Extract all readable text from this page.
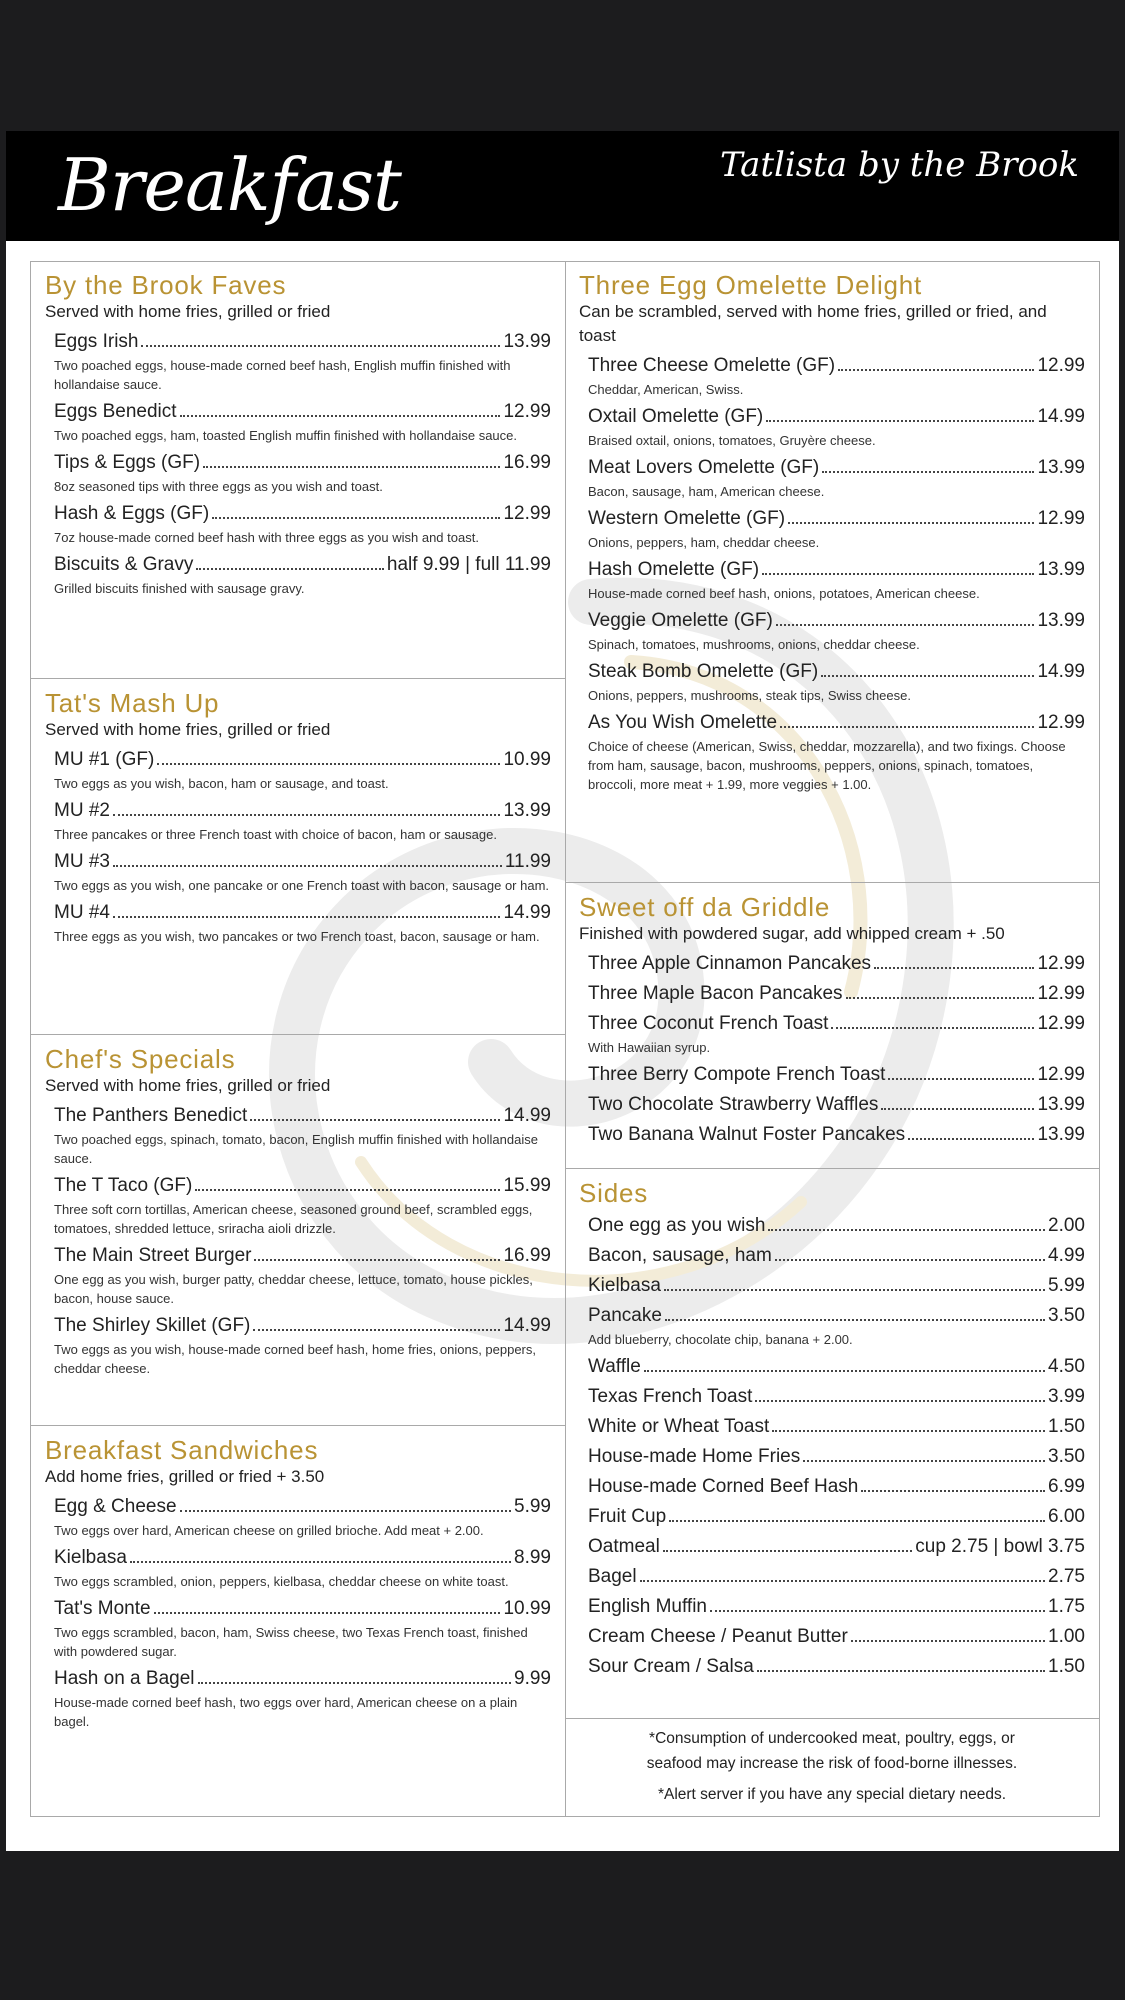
Breakfast	Tatlista by the Brook
By the Brook Faves
Served with home fries, grilled or fried
Eggs Irish	13.99
Two poached eggs, house-made corned beef hash, English muffin finished with hollandaise sauce.
Eggs Benedict	12.99
Two poached eggs, ham, toasted English muffin finished with hollandaise sauce.
Tips & Eggs (GF)	16.99
8oz seasoned tips with three eggs as you wish and toast.
Hash & Eggs (GF)	12.99
7oz house-made corned beef hash with three eggs as you wish and toast.
Biscuits & Gravy	half 9.99 | full 11.99
Grilled biscuits finished with sausage gravy.
Tat's Mash Up
Served with home fries, grilled or fried
MU #1 (GF)	10.99
Two eggs as you wish, bacon, ham or sausage, and toast.
MU #2	13.99
Three pancakes or three French toast with choice of bacon, ham or sausage.
MU #3	11.99
Two eggs as you wish, one pancake or one French toast with bacon, sausage or ham.
MU #4	14.99
Three eggs as you wish, two pancakes or two French toast, bacon, sausage or ham.
Chef's Specials
Served with home fries, grilled or fried
The Panthers Benedict	14.99
Two poached eggs, spinach, tomato, bacon, English muffin finished with hollandaise sauce.
The T Taco (GF)	15.99
Three soft corn tortillas, American cheese, seasoned ground beef, scrambled eggs, tomatoes, shredded lettuce, sriracha aioli drizzle.
The Main Street Burger	16.99
One egg as you wish, burger patty, cheddar cheese, lettuce, tomato, house pickles, bacon, house sauce.
The Shirley Skillet (GF)	14.99
Two eggs as you wish, house-made corned beef hash, home fries, onions, peppers, cheddar cheese.
Breakfast Sandwiches
Add home fries, grilled or fried + 3.50
Egg & Cheese	5.99
Two eggs over hard, American cheese on grilled brioche. Add meat + 2.00.
Kielbasa	8.99
Two eggs scrambled, onion, peppers, kielbasa, cheddar cheese on white toast.
Tat's Monte	10.99
Two eggs scrambled, bacon, ham, Swiss cheese, two Texas French toast, finished with powdered sugar.
Hash on a Bagel	9.99
House-made corned beef hash, two eggs over hard, American cheese on a plain bagel.
Three Egg Omelette Delight
Can be scrambled, served with home fries, grilled or fried, and toast
Three Cheese Omelette (GF)	12.99
Cheddar, American, Swiss.
Oxtail Omelette (GF)	14.99
Braised oxtail, onions, tomatoes, Gruyère cheese.
Meat Lovers Omelette (GF)	13.99
Bacon, sausage, ham, American cheese.
Western Omelette (GF)	12.99
Onions, peppers, ham, cheddar cheese.
Hash Omelette (GF)	13.99
House-made corned beef hash, onions, potatoes, American cheese.
Veggie Omelette (GF)	13.99
Spinach, tomatoes, mushrooms, onions, cheddar cheese.
Steak Bomb Omelette (GF)	14.99
Onions, peppers, mushrooms, steak tips, Swiss cheese.
As You Wish Omelette	12.99
Choice of cheese (American, Swiss, cheddar, mozzarella), and two fixings. Choose from ham, sausage, bacon, mushrooms, peppers, onions, spinach, tomatoes, broccoli, more meat + 1.99, more veggies + 1.00.
Sweet off da Griddle
Finished with powdered sugar, add whipped cream + .50
Three Apple Cinnamon Pancakes	12.99
Three Maple Bacon Pancakes	12.99
Three Coconut French Toast	12.99
With Hawaiian syrup.
Three Berry Compote French Toast	12.99
Two Chocolate Strawberry Waffles	13.99
Two Banana Walnut Foster Pancakes	13.99
Sides
One egg as you wish	2.00
Bacon, sausage, ham	4.99
Kielbasa	5.99
Pancake	3.50
Add blueberry, chocolate chip, banana + 2.00.
Waffle	4.50
Texas French Toast	3.99
White or Wheat Toast	1.50
House-made Home Fries	3.50
House-made Corned Beef Hash	6.99
Fruit Cup	6.00
Oatmeal	cup 2.75 | bowl 3.75
Bagel	2.75
English Muffin	1.75
Cream Cheese / Peanut Butter	1.00
Sour Cream / Salsa	1.50
*Consumption of undercooked meat, poultry, eggs, or seafood may increase the risk of food-borne illnesses.
*Alert server if you have any special dietary needs.
